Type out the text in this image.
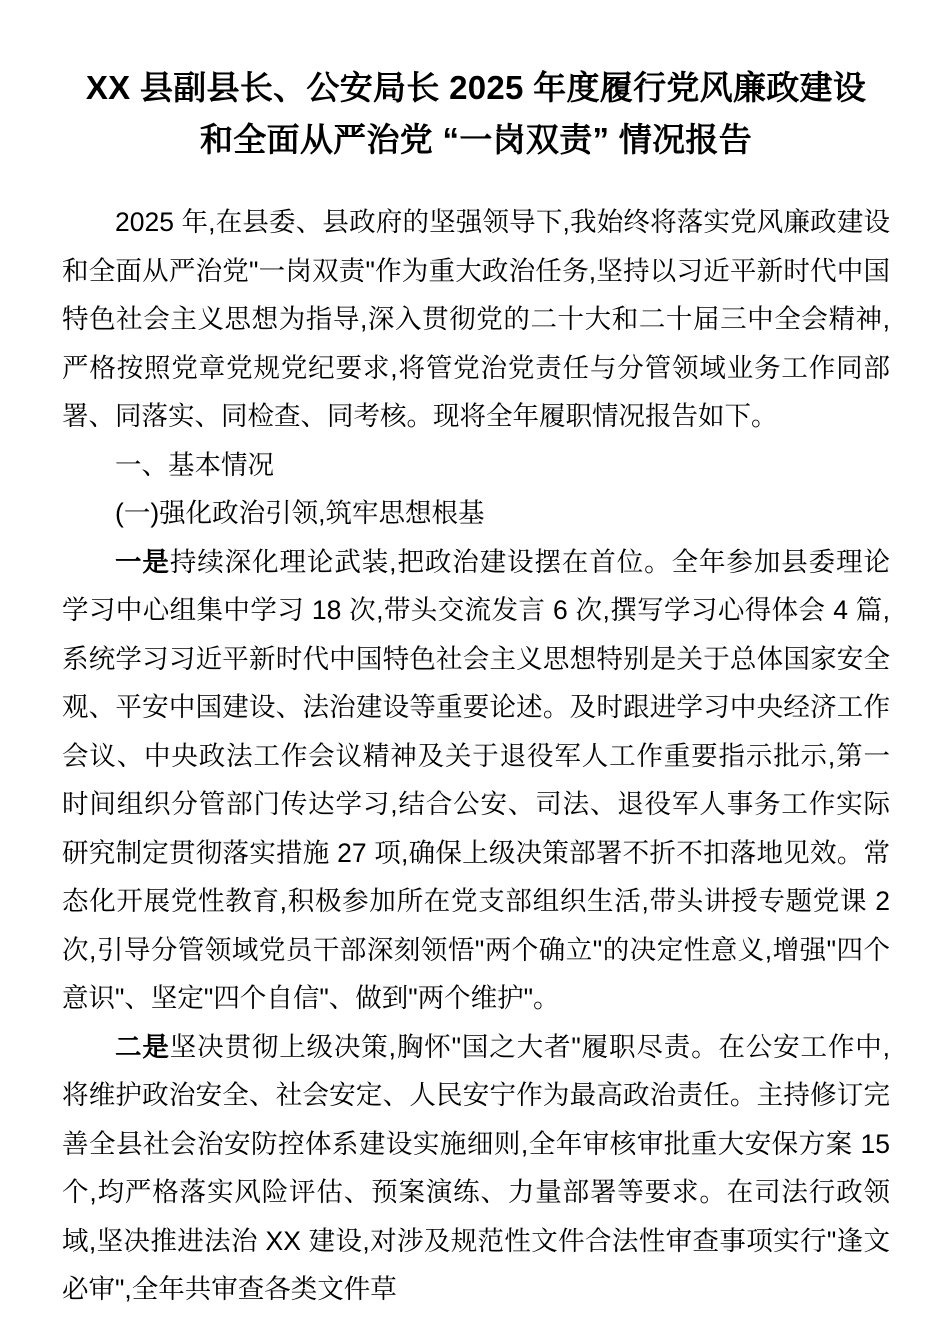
XX 县副县长、公安局长 2025 年度履行党风廉政建设
和全面从严治党 “一岗双责” 情况报告

2025 年,在县委、县政府的坚强领导下,我始终将落实党风廉政建设和全面从严治党"一岗双责"作为重大政治任务,坚持以习近平新时代中国特色社会主义思想为指导,深入贯彻党的二十大和二十届三中全会精神,严格按照党章党规党纪要求,将管党治党责任与分管领域业务工作同部署、同落实、同检查、同考核。现将全年履职情况报告如下。

一、基本情况

(一)强化政治引领,筑牢思想根基

一是持续深化理论武装,把政治建设摆在首位。全年参加县委理论学习中心组集中学习 18 次,带头交流发言 6 次,撰写学习心得体会 4 篇,系统学习习近平新时代中国特色社会主义思想特别是关于总体国家安全观、平安中国建设、法治建设等重要论述。及时跟进学习中央经济工作会议、中央政法工作会议精神及关于退役军人工作重要指示批示,第一时间组织分管部门传达学习,结合公安、司法、退役军人事务工作实际研究制定贯彻落实措施 27 项,确保上级决策部署不折不扣落地见效。常态化开展党性教育,积极参加所在党支部组织生活,带头讲授专题党课 2 次,引导分管领域党员干部深刻领悟"两个确立"的决定性意义,增强"四个意识"、坚定"四个自信"、做到"两个维护"。

二是坚决贯彻上级决策,胸怀"国之大者"履职尽责。在公安工作中,将维护政治安全、社会安定、人民安宁作为最高政治责任。主持修订完善全县社会治安防控体系建设实施细则,全年审核审批重大安保方案 15 个,均严格落实风险评估、预案演练、力量部署等要求。在司法行政领域,坚决推进法治 XX 建设,对涉及规范性文件合法性审查事项实行"逢文必审",全年共审查各类文件草
